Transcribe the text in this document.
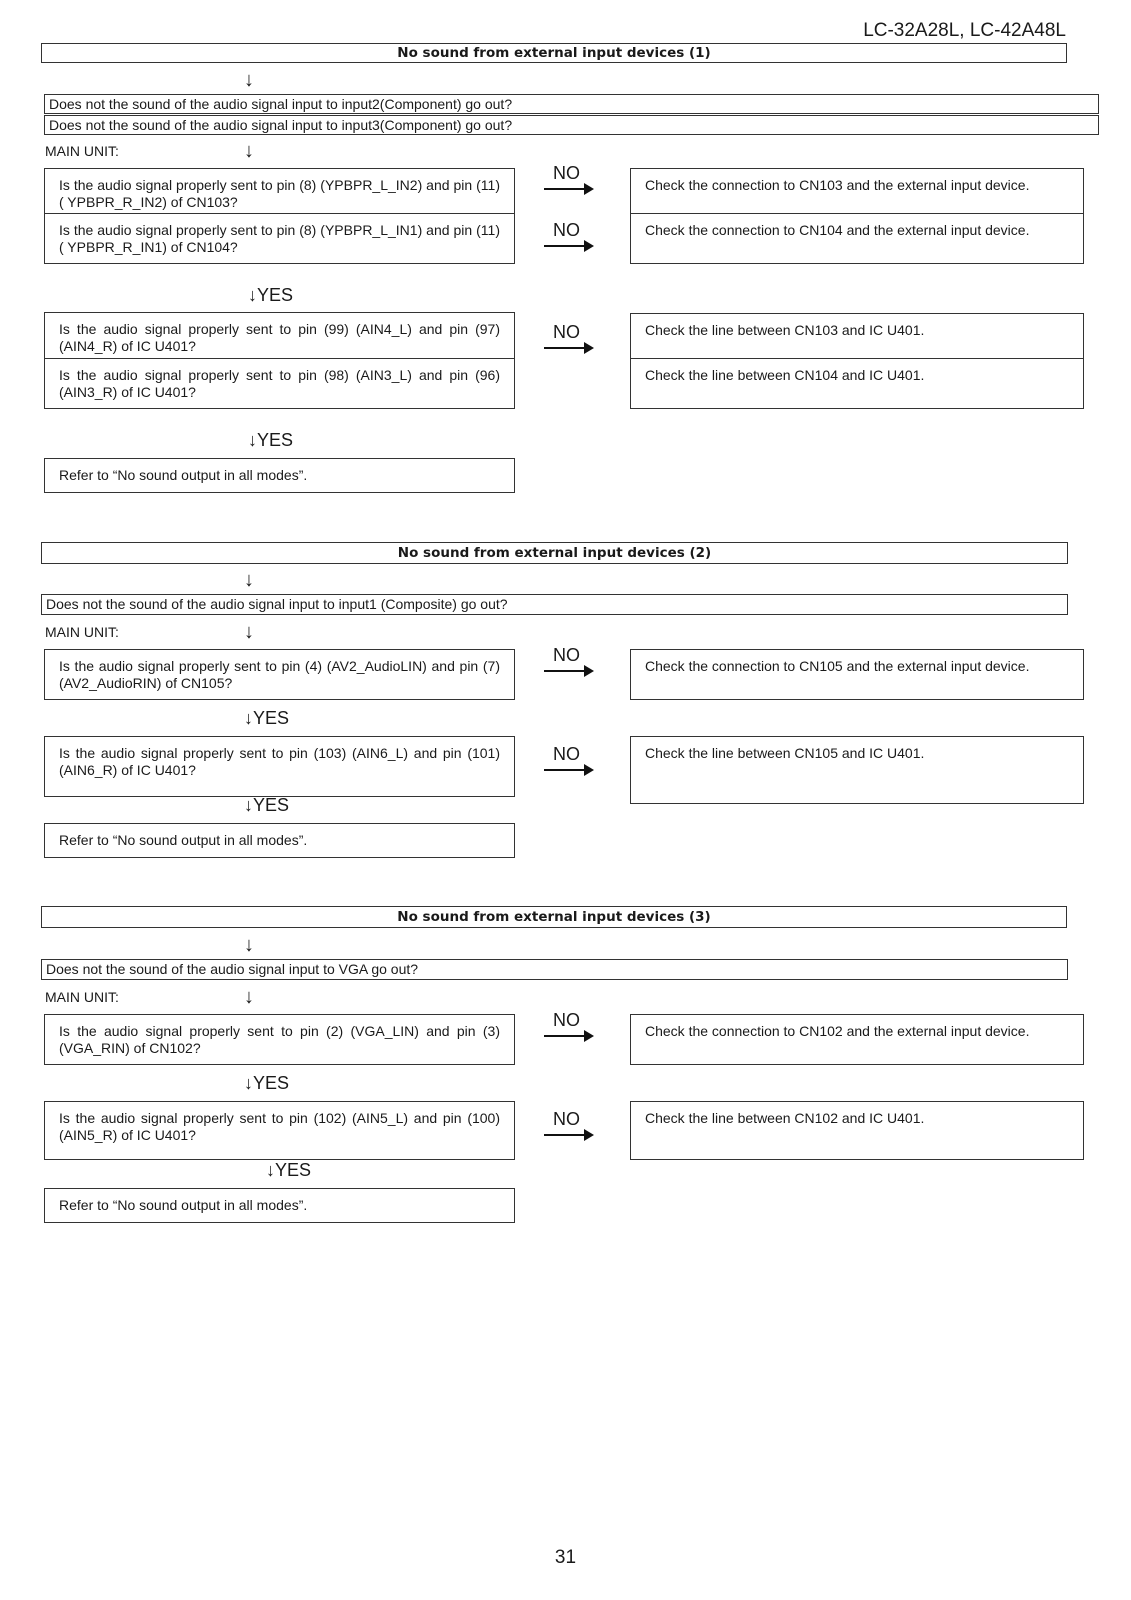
LC-32A28L, LC-42A48L
No sound from external input devices (1)
↓
Does not the sound of the audio signal input to input2(Component) go out?
Does not the sound of the audio signal input to input3(Component) go out?
MAIN UNIT:	↓
Is the audio signal properly sent to pin (8) (YPBPR_L_IN2) and pin (11)( YPBPR_R_IN2) of CN103?
Is the audio signal properly sent to pin (8) (YPBPR_L_IN1) and pin (11)( YPBPR_R_IN1) of CN104?
NO
NO
Check the connection to CN103 and the external input device.
Check the connection to CN104 and the external input device.
↓YES
Is the audio signal properly sent to pin (99) (AIN4_L) and pin (97) (AIN4_R) of IC U401?
Is the audio signal properly sent to pin (98) (AIN3_L) and pin (96) (AIN3_R) of IC U401?
NO	Check the line between CN103 and IC U401.
Check the line between CN104 and IC U401.
↓YES
Refer to “No sound output in all modes”.
No sound from external input devices (2)
↓
Does not the sound of the audio signal input to input1 (Composite) go out?
MAIN UNIT:	↓
Is the audio signal properly sent to pin (4) (AV2_AudioLIN) and pin (7) (AV2_AudioRIN) of CN105?
NO
Check the connection to CN105 and the external input device.
↓YES
Is the audio signal properly sent to pin (103) (AIN6_L) and pin (101) (AIN6_R) of IC U401?
NO	Check the line between CN105 and IC U401.
↓YES
Refer to “No sound output in all modes”.
No sound from external input devices (3)
↓
Does not the sound of the audio signal input to VGA go out?
MAIN UNIT:	↓
Is the audio signal properly sent to pin (2) (VGA_LIN) and pin (3) (VGA_RIN) of CN102?
NO
Check the connection to CN102 and the external input device.
↓YES
Is the audio signal properly sent to pin (102) (AIN5_L) and pin (100) (AIN5_R) of IC U401?
NO	Check the line between CN102 and IC U401.
↓YES
Refer to “No sound output in all modes”.
31
